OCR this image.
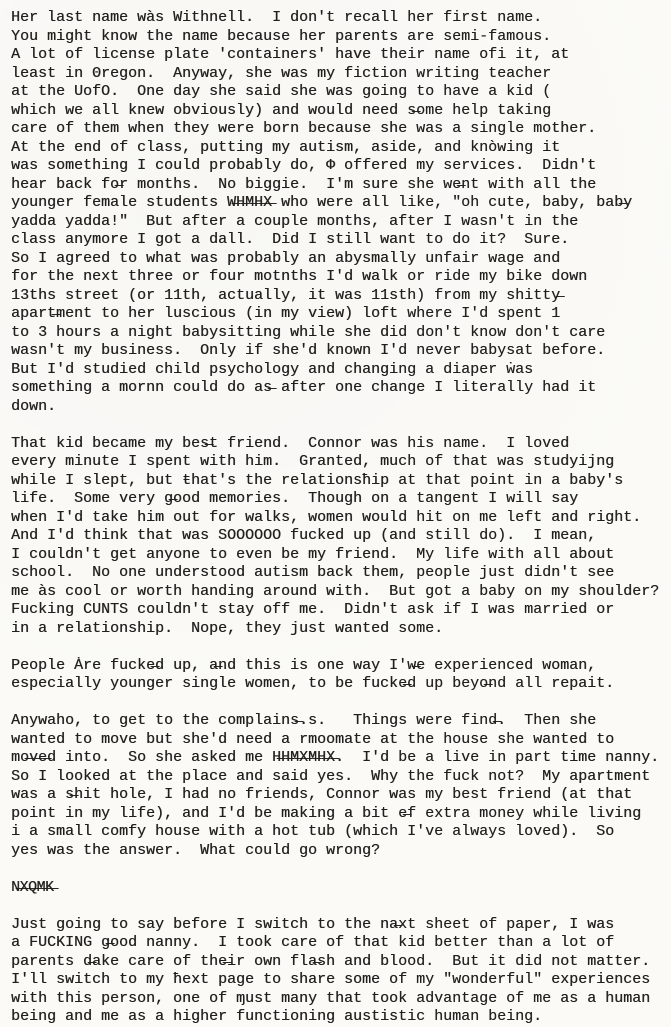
Her last name wàs Withnell.  I don't recall her first name.
You might know the name because her parents are semi-famous.
A lot of license plate 'containers' have their name ofi it, at
least in Θregon.  Anyway, she was my fiction writing teacher
at the UofO.  One day she said she was going to have a kid (
which we all knew obviously) and would need s̶ome help taking
care of them when they were born because she was a single mother.
At the end of class, putting my autism, aside, and knòwing it
was something I could probably do, Φ offered my services.  Didn't
hear back fo̶r months.  No biggie.  I'm sure she we̶nt with all the
younger female students W̶H̶M̶H̶X̶ who were all like, "oh cute, baby, bab̶y
yadda yadda!"  But after a couple months, after I wasn't in the
class anymore I got a dall.  Did I still want to do it?  Sure.
So I agreed to what was probably an abysmally unfair wage and
for the next three or four motnths I'd walk or ride my bike down
13ths street (or 11th, actually, it was 11sth) from my shitty̶
apart̶ment to her luscious (in my view) loft where I'd spent 1
to 3 hours a night babysitting while she did don't know don't care
wasn't my business.  Only if she'd known I'd never babysat before.
But I'd studied child psychology and changing a diaper ẇas
something a mornn could do as̶ after one change I literally had it
down.

That kid became my bes̶t friend.  Connor was his name.  I loved
every minute I spent with him.  Granted, much of that was studyijng
while I slept, but ŧhat's the relationsħip at that point in a baby's
life.  Some very g̶ood memories.  Though on a tangent I will say
when I'd take him out for walks, women would hit on me left and right.
And I'd think that was SOOOOOO fucked up (and still do).  I mean,
I couldn't get anyone to even be my friend.  My life with all about
school.  No one understood autism back them, people just didn't see
me às cool or worth handing around with.  But got a baby on my shoulder?
Fucking CUNTS couldn't stay off me.  Didn't ask if I was married or
in a relationship.  Nope, they just wanted some.

People Ȧre fucke̶d up, a̶nd this is one way I'w̶e experienced woman,
especially younger single women, to be fucke̶d up beyo̶nd all repait.

Anywaho, to get to the complains̶.s.   Things were find̶.  Then she
wanted to move but she'd need a rmoomate at the house she wanted to
mo̶v̶e̶d into.  So she asked me H̶H̶M̶X̶M̶H̶X̶.  I'd be a live in part time nanny.
So I looked at the place and said yes.  Why the fuck not?  My apartment
was a s̶hit hole, I had no friends, Connor was my best friend (at that
point in my life), and I'd be making a bit e̶f extra money while living
i a small comfy house with a hot tub (which I've always loved).  So
yes was the answer.  What could go wrong?

N̶X̶Q̶M̶K̶

Just going to say before I switch to the na̶xt sheet of paper, I was
a FUCKING g̶ood nanny.  I took care of that kid better than a lot of
parents d̶ake care of the̶ir own fla̶sh and blood.  But it did not matter.
I'll switch to my ħext page to share some of my "wonderful" experiences
with this person, one of ɱust many that took advantage of me as a human
being and me as a higher functioning austistic human being.
